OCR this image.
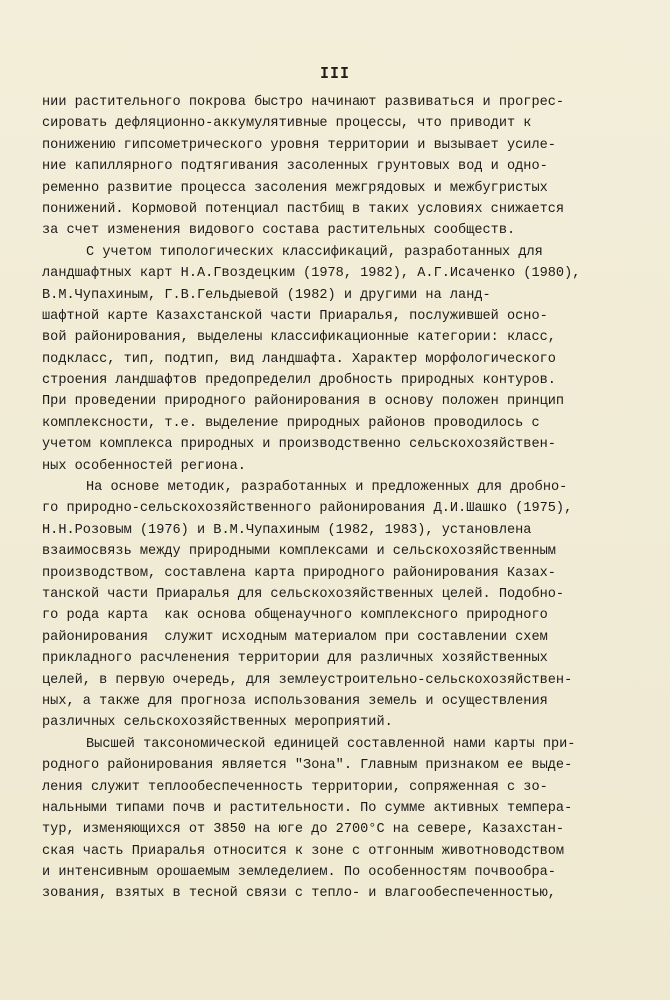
III
нии растительного покрова быстро начинают развиваться и прогрес-
сировать дефляционно-аккумулятивные процессы, что приводит к
понижению гипсометрического уровня территории и вызывает усиле-
ние капиллярного подтягивания засоленных грунтовых вод и одно-
ременно развитие процесса засоления межгрядовых и межбугристых
понижений. Кормовой потенциал пастбищ в таких условиях снижается
за счет изменения видового состава растительных сообществ.
С учетом типологических классификаций, разработанных для
ландшафтных карт Н.А.Гвоздецким (1978, 1982), А.Г.Исаченко (1980),
В.М.Чупахиным, Г.В.Гельдыевой (1982) и другими на ланд-
шафтной карте Казахстанской части Приаралья, послужившей осно-
вой районирования, выделены классификационные категории: класс,
подкласс, тип, подтип, вид ландшафта. Характер морфологического
строения ландшафтов предопределил дробность природных контуров.
При проведении природного районирования в основу положен принцип
комплексности, т.е. выделение природных районов проводилось с
учетом комплекса природных и производственно сельскохозяйствен-
ных особенностей региона.
На основе методик, разработанных и предложенных для дробно-
го природно-сельскохозяйственного районирования Д.И.Шашко (1975),
Н.Н.Розовым (1976) и В.М.Чупахиным (1982, 1983), установлена
взаимосвязь между природными комплексами и сельскохозяйственным
производством, составлена карта природного районирования Казах-
танской части Приаралья для сельскохозяйственных целей. Подобно-
го рода карта  как основа общенаучного комплексного природного
районирования  служит исходным материалом при составлении схем
прикладного расчленения территории для различных хозяйственных
целей, в первую очередь, для землеустроительно-сельскохозяйствен-
ных, а также для прогноза использования земель и осуществления
различных сельскохозяйственных мероприятий.
Высшей таксономической единицей составленной нами карты при-
родного районирования является "Зона". Главным признаком ее выде-
ления служит теплообеспеченность территории, сопряженная с зо-
нальными типами почв и растительности. По сумме активных темпера-
тур, изменяющихся от 3850 на юге до 2700°С на севере, Казахстан-
ская часть Приаралья относится к зоне с отгонным животноводством
и интенсивным орошаемым земледелием. По особенностям почвообра-
зования, взятых в тесной связи с тепло- и влагообеспеченностью,
